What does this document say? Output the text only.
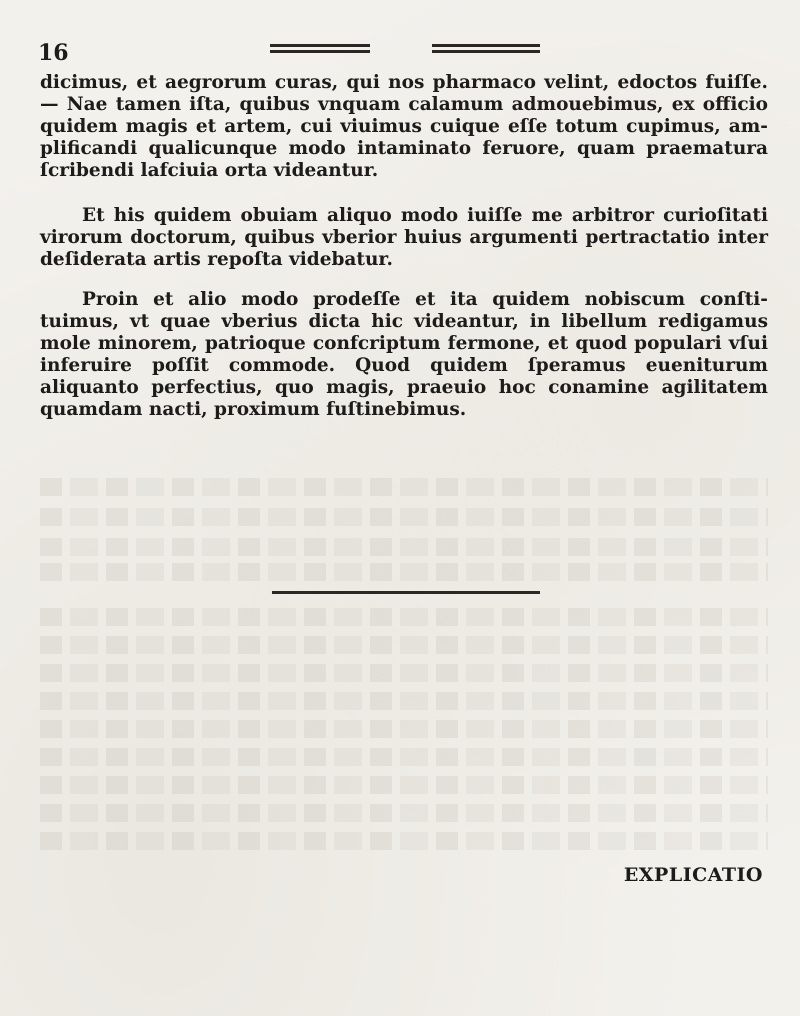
16
dicimus, et aegrorum curas, qui nos pharmaco velint, edoctos fuiſſe. — Nae tamen iſta, quibus vnquam calamum admouebimus, ex officio quidem magis et artem, cui viuimus cuique eſſe totum cupimus, am-plificandi qualicunque modo intaminato feruore, quam praematura ſcribendi lafciuia orta videantur.
Et his quidem obuiam aliquo modo iuiſſe me arbitror curioſitati virorum doctorum, quibus vberior huius argumenti pertractatio inter deſiderata artis repoſta videbatur.
Proin et alio modo prodeſſe et ita quidem nobiscum conſti-tuimus, vt quae vberius dicta hic videantur, in libellum redigamus mole minorem, patrioque confcriptum fermone, et quod populari vſui inferuire poſſit commode. Quod quidem ſperamus eueniturum aliquanto perfectius, quo magis, praeuio hoc conamine agilitatem quamdam nacti, proximum fuſtinebimus.
EXPLICATIO
